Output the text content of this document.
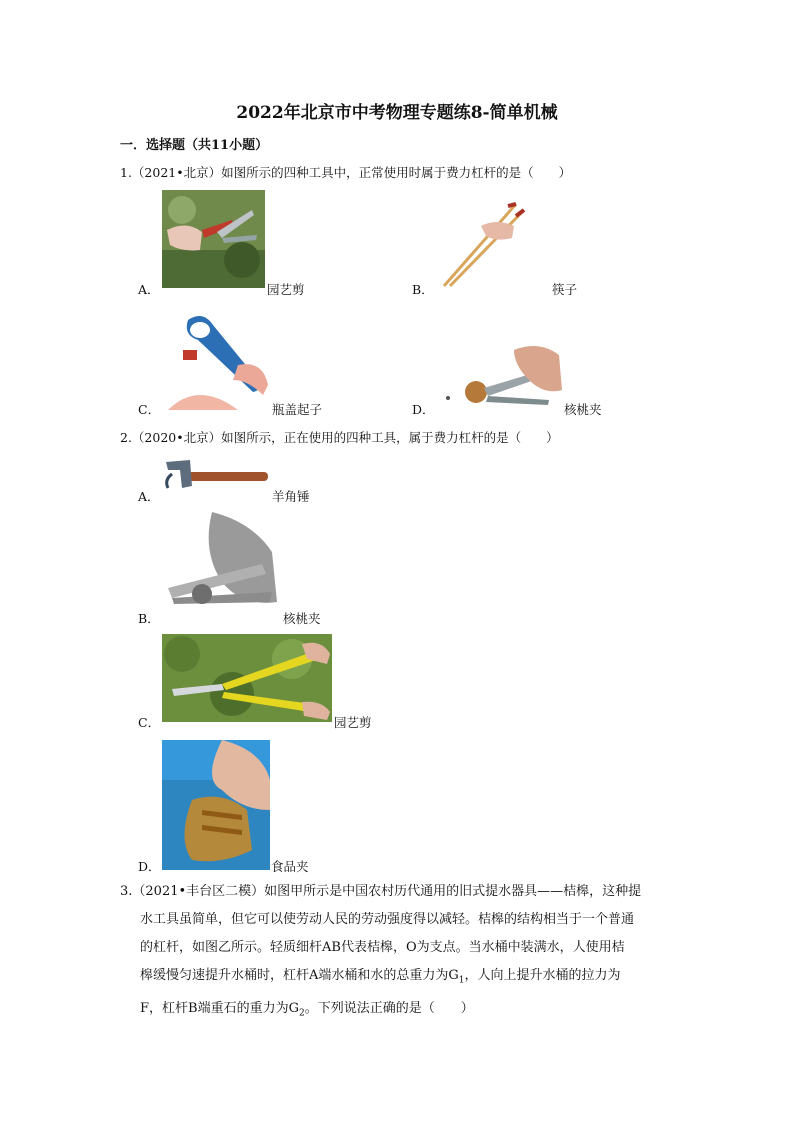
2022年北京市中考物理专题练8-简单机械
一．选择题（共11小题）
1.（2021•北京）如图所示的四种工具中，正常使用时属于费力杠杆的是（　　）
A．	园艺剪	B．	筷子
C．	瓶盖起子	D．	核桃夹
2.（2020•北京）如图所示，正在使用的四种工具，属于费力杠杆的是（　　）
A．	羊角锤
B．	核桃夹
C．	园艺剪
D．	食品夹
3.（2021•丰台区二模）如图甲所示是中国农村历代通用的旧式提水器具——桔槔，这种提
水工具虽简单，但它可以使劳动人民的劳动强度得以减轻。桔槔的结构相当于一个普通
的杠杆，如图乙所示。轻质细杆AB代表桔槔，O为支点。当水桶中装满水，人使用桔
槔缓慢匀速提升水桶时，杠杆A端水桶和水的总重力为$G_1$，人向上提升水桶的拉力为
F，杠杆B端重石的重力为$G_2$。下列说法正确的是（　　）
